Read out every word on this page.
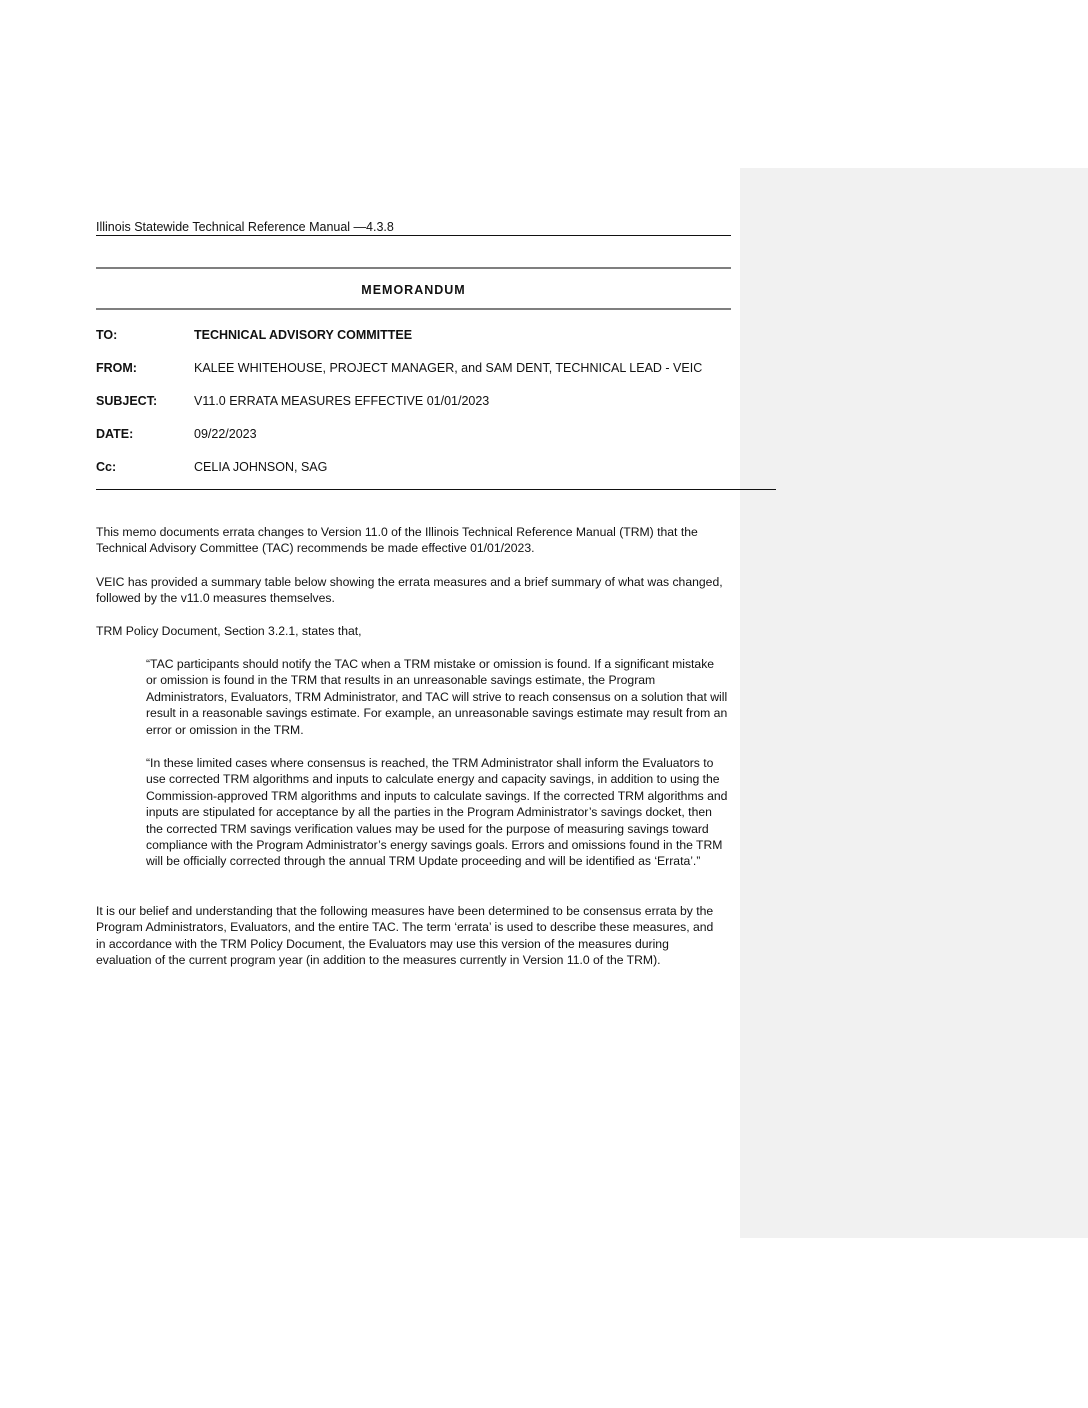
Illinois Statewide Technical Reference Manual —4.3.8
MEMORANDUM
TO:	TECHNICAL ADVISORY COMMITTEE
FROM:	KALEE WHITEHOUSE, PROJECT MANAGER, and SAM DENT, TECHNICAL LEAD - VEIC
SUBJECT:	V11.0 ERRATA MEASURES EFFECTIVE 01/01/2023
DATE:	09/22/2023
Cc:	CELIA JOHNSON, SAG

This memo documents errata changes to Version 11.0 of the Illinois Technical Reference Manual (TRM) that the Technical Advisory Committee (TAC) recommends be made effective 01/01/2023.

VEIC has provided a summary table below showing the errata measures and a brief summary of what was changed, followed by the v11.0 measures themselves.

TRM Policy Document, Section 3.2.1, states that,

“TAC participants should notify the TAC when a TRM mistake or omission is found. If a significant mistake or omission is found in the TRM that results in an unreasonable savings estimate, the Program Administrators, Evaluators, TRM Administrator, and TAC will strive to reach consensus on a solution that will result in a reasonable savings estimate. For example, an unreasonable savings estimate may result from an error or omission in the TRM.

“In these limited cases where consensus is reached, the TRM Administrator shall inform the Evaluators to use corrected TRM algorithms and inputs to calculate energy and capacity savings, in addition to using the Commission-approved TRM algorithms and inputs to calculate savings. If the corrected TRM algorithms and inputs are stipulated for acceptance by all the parties in the Program Administrator’s savings docket, then the corrected TRM savings verification values may be used for the purpose of measuring savings toward compliance with the Program Administrator’s energy savings goals. Errors and omissions found in the TRM will be officially corrected through the annual TRM Update proceeding and will be identified as ‘Errata’.”

It is our belief and understanding that the following measures have been determined to be consensus errata by the Program Administrators, Evaluators, and the entire TAC. The term ‘errata’ is used to describe these measures, and in accordance with the TRM Policy Document, the Evaluators may use this version of the measures during evaluation of the current program year (in addition to the measures currently in Version 11.0 of the TRM).
